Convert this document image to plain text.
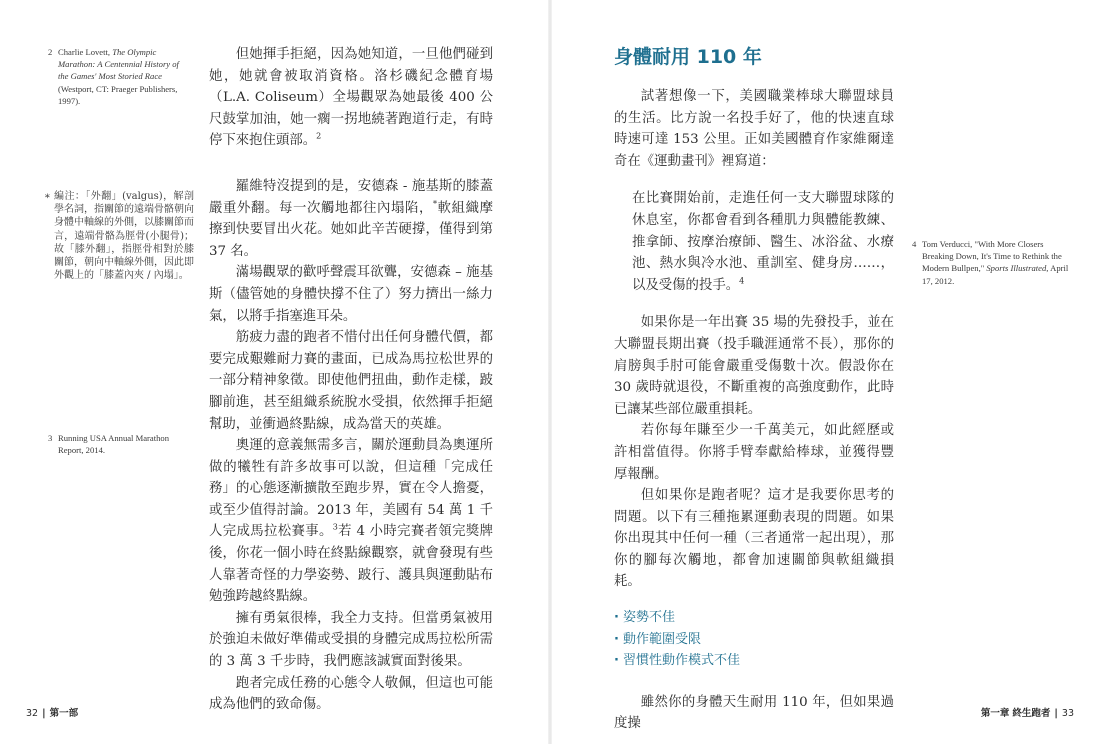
2 Charlie Lovett, The Olympic Marathon: A Centennial History of the Games' Most Storied Race (Westport, CT: Praeger Publishers, 1997).
∗ 編注：「外翻」(valgus)，解剖學名詞，指關節的遠端骨骼朝向身體中軸線的外側，以膝關節而言，遠端骨骼為脛骨(小腿骨)；故「膝外翻」，指脛骨相對於膝關節，朝向中軸線外側，因此即外觀上的「膝蓋內夾 / 內塌」。
3 Running USA Annual Marathon Report, 2014.

但她揮手拒絕，因為她知道，一旦他們碰到她，她就會被取消資格。洛杉磯紀念體育場（L.A. Coliseum）全場觀眾為她最後 400 公尺鼓掌加油，她一瘸一拐地繞著跑道行走，有時停下來抱住頭部。$^2$

羅維特沒提到的是，安德森 - 施基斯的膝蓋嚴重外翻。每一次觸地都往內塌陷，*軟組織摩擦到快要冒出火花。她如此辛苦硬撐，僅得到第 37 名。

滿場觀眾的歡呼聲震耳欲聾，安德森 – 施基斯（儘管她的身體快撐不住了）努力擠出一絲力氣，以將手指塞進耳朵。

筋疲力盡的跑者不惜付出任何身體代價，都要完成艱難耐力賽的畫面，已成為馬拉松世界的一部分精神象徵。即使他們扭曲，動作走樣，跛腳前進，甚至組織系統脫水受損，依然揮手拒絕幫助，並衝過終點線，成為當天的英雄。

奧運的意義無需多言，關於運動員為奧運所做的犧牲有許多故事可以說，但這種「完成任務」的心態逐漸擴散至跑步界，實在令人擔憂，或至少值得討論。2013 年，美國有 54 萬 1 千人完成馬拉松賽事。$^3$若 4 小時完賽者領完獎牌後，你花一個小時在終點線觀察，就會發現有些人靠著奇怪的力學姿勢、跛行、護具與運動貼布勉強跨越終點線。

擁有勇氣很棒，我全力支持。但當勇氣被用於強迫未做好準備或受損的身體完成馬拉松所需的 3 萬 3 千步時，我們應該誠實面對後果。

跑者完成任務的心態令人敬佩，但這也可能成為他們的致命傷。

32 | 第一部
身體耐用 110 年

試著想像一下，美國職業棒球大聯盟球員的生活。比方說一名投手好了，他的快速直球時速可達 153 公里。正如美國體育作家維爾達奇在《運動畫刊》裡寫道：

在比賽開始前，走進任何一支大聯盟球隊的休息室，你都會看到各種肌力與體能教練、推拿師、按摩治療師、醫生、冰浴盆、水療池、熱水與冷水池、重訓室、健身房……，以及受傷的投手。$^4$

如果你是一年出賽 35 場的先發投手，並在大聯盟長期出賽（投手職涯通常不長），那你的肩膀與手肘可能會嚴重受傷數十次。假設你在 30 歲時就退役，不斷重複的高強度動作，此時已讓某些部位嚴重損耗。

若你每年賺至少一千萬美元，如此經歷或許相當值得。你將手臂奉獻給棒球，並獲得豐厚報酬。

但如果你是跑者呢？這才是我要你思考的問題。以下有三種拖累運動表現的問題。如果你出現其中任何一種（三者通常一起出現），那你的腳每次觸地，都會加速關節與軟組織損耗。

· 姿勢不佳
· 動作範圍受限
· 習慣性動作模式不佳

雖然你的身體天生耐用 110 年，但如果過度操

4 Tom Verducci, "With More Closers Breaking Down, It's Time to Rethink the Modern Bullpen," Sports Illustrated, April 17, 2012.
第一章 終生跑者 | 33
